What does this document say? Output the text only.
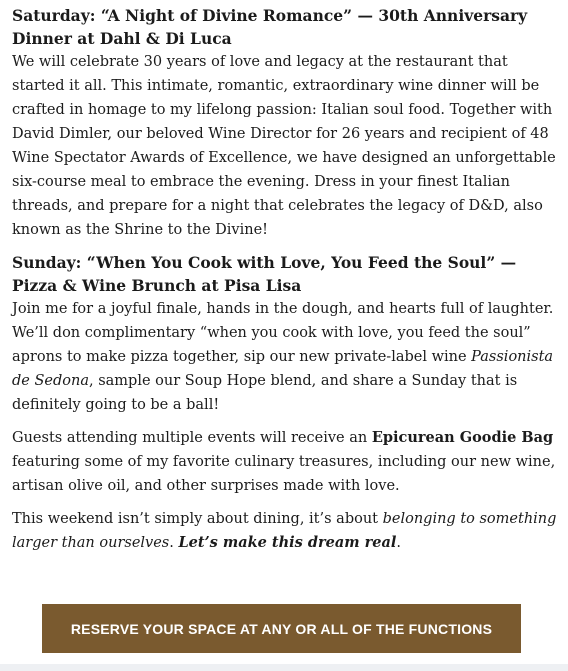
Saturday: “A Night of Divine Romance” — 30th Anniversary Dinner at Dahl & Di Luca

We will celebrate 30 years of love and legacy at the restaurant that started it all. This intimate, romantic, extraordinary wine dinner will be crafted in homage to my lifelong passion: Italian soul food. Together with David Dimler, our beloved Wine Director for 26 years and recipient of 48 Wine Spectator Awards of Excellence, we have designed an unforgettable six-course meal to embrace the evening. Dress in your finest Italian threads, and prepare for a night that celebrates the legacy of D&D, also known as the Shrine to the Divine!

Sunday: “When You Cook with Love, You Feed the Soul” — Pizza & Wine Brunch at Pisa Lisa

Join me for a joyful finale, hands in the dough, and hearts full of laughter. We’ll don complimentary “when you cook with love, you feed the soul” aprons to make pizza together, sip our new private-label wine Passionista de Sedona, sample our Soup Hope blend, and share a Sunday that is definitely going to be a ball!

Guests attending multiple events will receive an Epicurean Goodie Bag featuring some of my favorite culinary treasures, including our new wine, artisan olive oil, and other surprises made with love.

This weekend isn’t simply about dining, it’s about belonging to something larger than ourselves. Let’s make this dream real.

RESERVE YOUR SPACE AT ANY OR ALL OF THE FUNCTIONS
